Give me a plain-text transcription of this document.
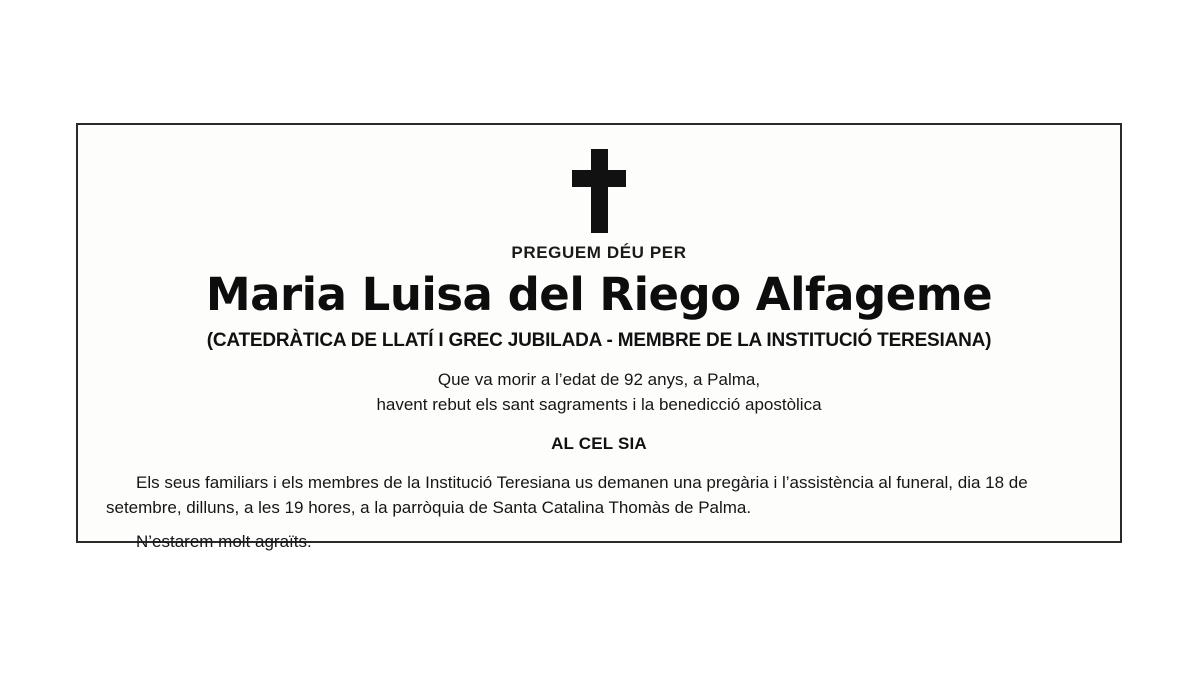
PREGUEM DÉU PER
Maria Luisa del Riego Alfageme
(CATEDRÀTICA DE LLATÍ I GREC JUBILADA - MEMBRE DE LA INSTITUCIÓ TERESIANA)
Que va morir a l’edat de 92 anys, a Palma,
havent rebut els sant sagraments i la benedicció apostòlica
AL CEL SIA
Els seus familiars i els membres de la Institució Teresiana us demanen una pregària i l’assistència al funeral, dia 18 de setembre, dilluns, a les 19 hores, a la parròquia de Santa Catalina Thomàs de Palma.
N’estarem molt agraïts.
